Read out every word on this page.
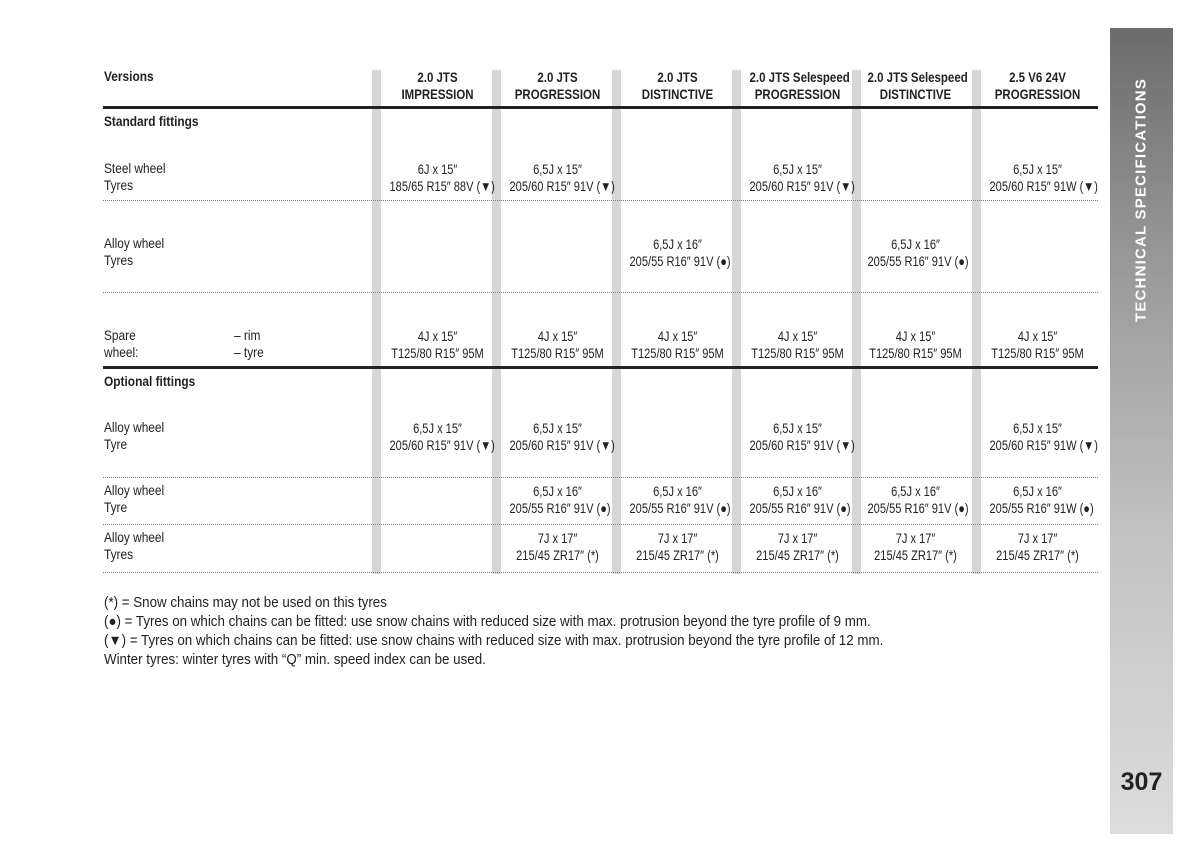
TECHNICAL SPECIFICATIONS
307
Versions	2.0 JTS
IMPRESSION
2.0 JTS
PROGRESSION
2.0 JTS
DISTINCTIVE
2.0 JTS Selespeed
PROGRESSION
2.0 JTS Selespeed
DISTINCTIVE
2.5 V6 24V
PROGRESSION
Standard fittings
Optional fittings
Steel wheel
Tyres
6J x 15″
185/65 R15″ 88V (▼)
6,5J x 15″
205/60 R15″ 91V (▼)
6,5J x 15″
205/60 R15″ 91V (▼)
6,5J x 15″
205/60 R15″ 91W (▼)
Alloy wheel
Tyres
6,5J x 16″
205/55 R16″ 91V (●)
6,5J x 16″
205/55 R16″ 91V (●)
Spare
wheel:
– rim
– tyre
4J x 15″
T125/80 R15″ 95M
4J x 15″
T125/80 R15″ 95M
4J x 15″
T125/80 R15″ 95M
4J x 15″
T125/80 R15″ 95M
4J x 15″
T125/80 R15″ 95M
4J x 15″
T125/80 R15″ 95M
Alloy wheel
Tyre
6,5J x 15″
205/60 R15″ 91V (▼)
6,5J x 15″
205/60 R15″ 91V (▼)
6,5J x 15″
205/60 R15″ 91V (▼)
6,5J x 15″
205/60 R15″ 91W (▼)
Alloy wheel
Tyre
6,5J x 16″
205/55 R16″ 91V (●)
6,5J x 16″
205/55 R16″ 91V (●)
6,5J x 16″
205/55 R16″ 91V (●)
6,5J x 16″
205/55 R16″ 91V (●)
6,5J x 16″
205/55 R16″ 91W (●)
Alloy wheel
Tyres
7J x 17″
215/45 ZR17″ (*)
7J x 17″
215/45 ZR17″ (*)
7J x 17″
215/45 ZR17″ (*)
7J x 17″
215/45 ZR17″ (*)
7J x 17″
215/45 ZR17″ (*)
(*) = Snow chains may not be used on this tyres
(●) = Tyres on which chains can be fitted: use snow chains with reduced size with max. protrusion beyond the tyre profile of 9 mm.
(▼) = Tyres on which chains can be fitted: use snow chains with reduced size with max. protrusion beyond the tyre profile of 12 mm.
Winter tyres: winter tyres with “Q” min. speed index can be used.
